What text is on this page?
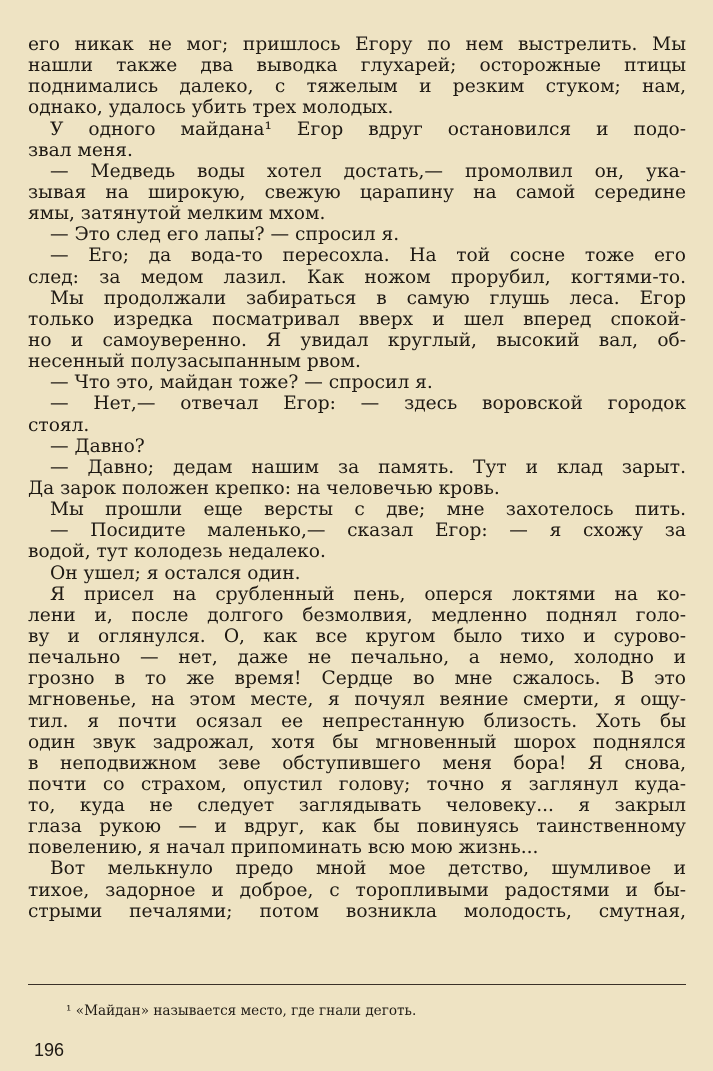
его никак не мог; пришлось Егору по нем выстрелить. Мы
нашли также два выводка глухарей; осторожные птицы
поднимались далеко, с тяжелым и резким стуком; нам,
однако, удалось убить трех молодых.
У одного майдана¹ Егор вдруг остановился и подо-
звал меня.
— Медведь воды хотел достать,— промолвил он, ука-
зывая на широкую, свежую царапину на самой середине
ямы, затянутой мелким мхом.
— Это след его лапы? — спросил я.
— Его; да вода-то пересохла. На той сосне тоже его
след: за медом лазил. Как ножом прорубил, когтями-то.
Мы продолжали забираться в самую глушь леса. Егор
только изредка посматривал вверх и шел вперед спокой-
но и самоуверенно. Я увидал круглый, высокий вал, об-
несенный полузасыпанным рвом.
— Что это, майдан тоже? — спросил я.
— Нет,— отвечал Егор: — здесь воровской городок
стоял.
— Давно?
— Давно; дедам нашим за память. Тут и клад зарыт.
Да зарок положен крепко: на человечью кровь.
Мы прошли еще версты с две; мне захотелось пить.
— Посидите маленько,— сказал Егор: — я схожу за
водой, тут колодезь недалеко.
Он ушел; я остался один.
Я присел на срубленный пень, оперся локтями на ко-
лени и, после долгого безмолвия, медленно поднял голо-
ву и оглянулся. О, как все кругом было тихо и сурово-
печально — нет, даже не печально, а немо, холодно и
грозно в то же время! Сердце во мне сжалось. В это
мгновенье, на этом месте, я почуял веяние смерти, я ощу-
тил. я почти осязал ее непрестанную близость. Хоть бы
один звук задрожал, хотя бы мгновенный шорох поднялся
в неподвижном зеве обступившего меня бора! Я снова,
почти со страхом, опустил голову; точно я заглянул куда-
то, куда не следует заглядывать человеку... я закрыл
глаза рукою — и вдруг, как бы повинуясь таинственному
повелению, я начал припоминать всю мою жизнь...
Вот мелькнуло предо мной мое детство, шумливое и
тихое, задорное и доброе, с торопливыми радостями и бы-
стрыми печалями; потом возникла молодость, смутная,
¹ «Майдан» называется место, где гнали деготь.
196
